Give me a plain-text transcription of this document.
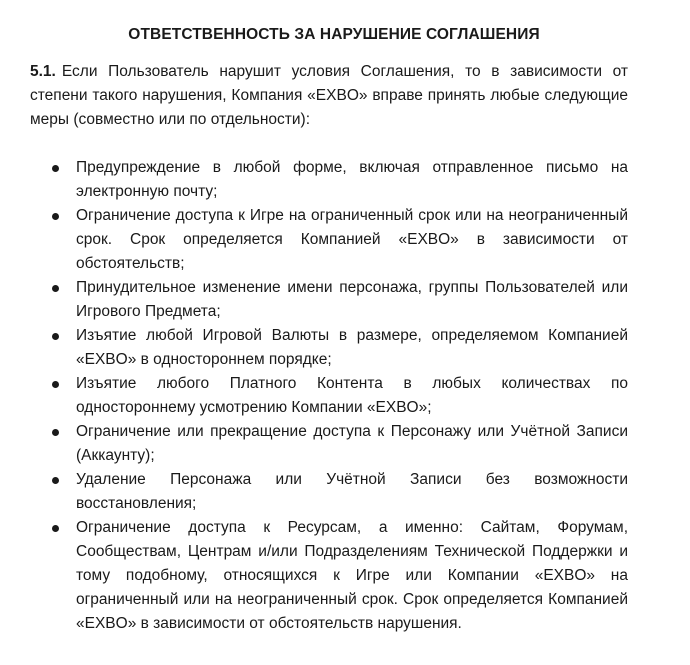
ОТВЕТСТВЕННОСТЬ ЗА НАРУШЕНИЕ СОГЛАШЕНИЯ

5.1. Если Пользователь нарушит условия Соглашения, то в зависимости от степени такого нарушения, Компания «EXBO» вправе принять любые следующие меры (совместно или по отдельности):

Предупреждение в любой форме, включая отправленное письмо на электронную почту;
Ограничение доступа к Игре на ограниченный срок или на неограниченный срок. Срок определяется Компанией «EXBO» в зависимости от обстоятельств;
Принудительное изменение имени персонажа, группы Пользователей или Игрового Предмета;
Изъятие любой Игровой Валюты в размере, определяемом Компанией «EXBO» в одностороннем порядке;
Изъятие любого Платного Контента в любых количествах по одностороннему усмотрению Компании «EXBO»;
Ограничение или прекращение доступа к Персонажу или Учётной Записи (Аккаунту);
Удаление Персонажа или Учётной Записи без возможности восстановления;
Ограничение доступа к Ресурсам, а именно: Сайтам, Форумам, Сообществам, Центрам и/или Подразделениям Технической Поддержки и тому подобному, относящихся к Игре или Компании «EXBO» на ограниченный или на неограниченный срок. Срок определяется Компанией «EXBO» в зависимости от обстоятельств нарушения.
